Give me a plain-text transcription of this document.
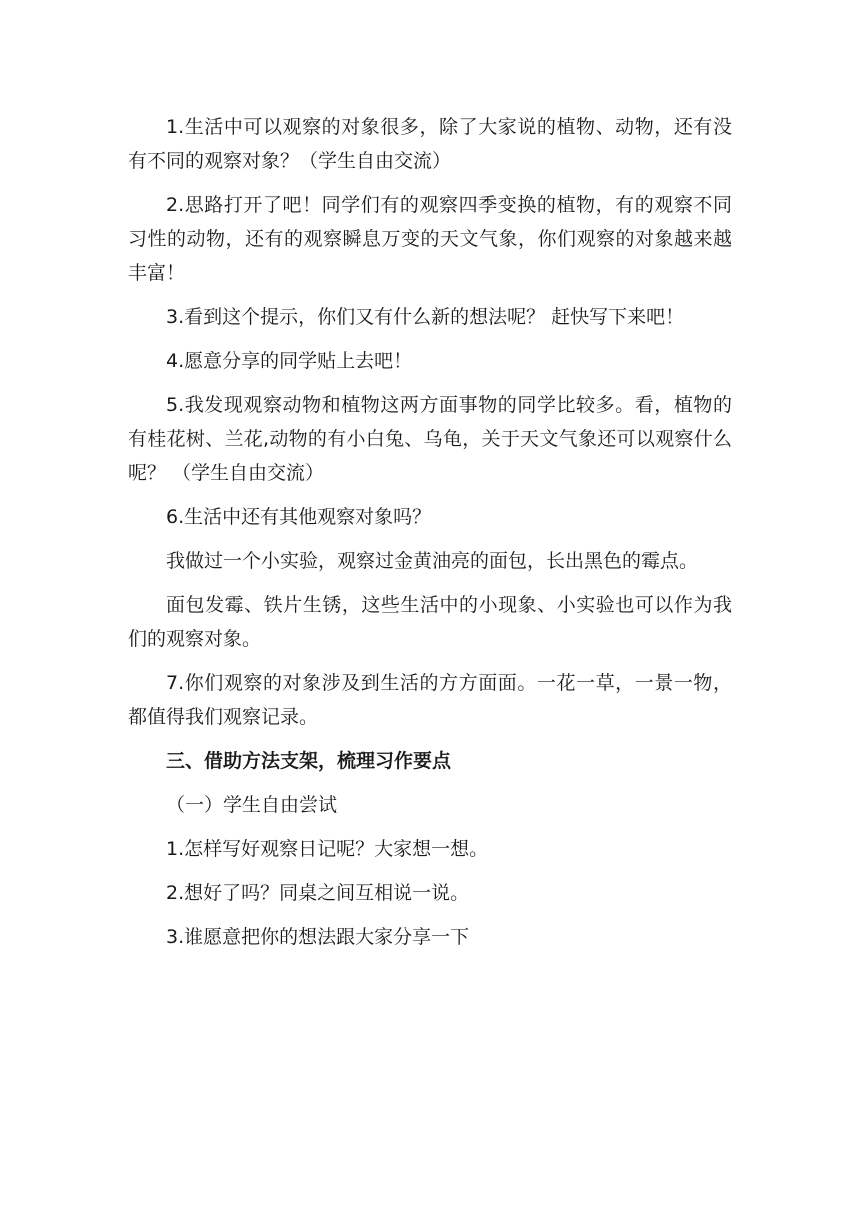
1.生活中可以观察的对象很多，除了大家说的植物、动物，还有没有不同的观察对象？（学生自由交流）

2.思路打开了吧！同学们有的观察四季变换的植物，有的观察不同习性的动物，还有的观察瞬息万变的天文气象，你们观察的对象越来越丰富！

3.看到这个提示，你们又有什么新的想法呢？ 赶快写下来吧！

4.愿意分享的同学贴上去吧！

5.我发现观察动物和植物这两方面事物的同学比较多。看，植物的有桂花树、兰花,动物的有小白兔、乌龟，关于天文气象还可以观察什么呢？ （学生自由交流）

6.生活中还有其他观察对象吗？

我做过一个小实验，观察过金黄油亮的面包，长出黑色的霉点。

面包发霉、铁片生锈，这些生活中的小现象、小实验也可以作为我们的观察对象。

7.你们观察的对象涉及到生活的方方面面。一花一草，一景一物，都值得我们观察记录。

三、借助方法支架，梳理习作要点

（一）学生自由尝试

1.怎样写好观察日记呢？大家想一想。

2.想好了吗？同桌之间互相说一说。

3.谁愿意把你的想法跟大家分享一下
